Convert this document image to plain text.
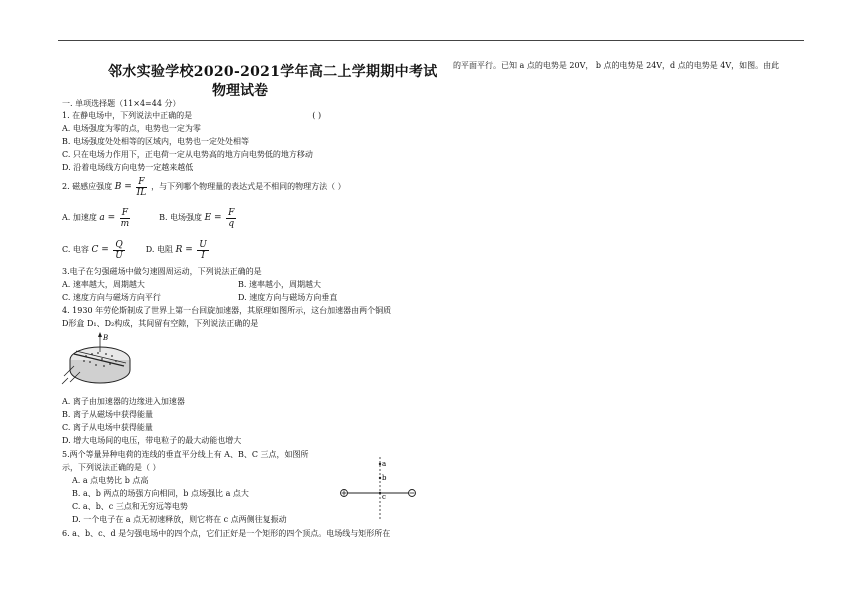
邻水实验学校2020-2021学年高二上学期期中考试
物理试卷
的平面平行。已知 a 点的电势是 20V， b 点的电势是 24V，d 点的电势是 4V，如图。由此
一. 单项选择题（11×4=44 分）
1. 在静电场中，下列说法中正确的是	( )
A. 电场强度为零的点，电势也一定为零
B. 电场强度处处相等的区域内，电势也一定处处相等
C. 只在电场力作用下，正电荷一定从电势高的地方向电势低的地方移动
D. 沿着电场线方向电势一定越来越低
2. 磁感应强度 $B = \frac{F}{IL}$ ，与下列哪个物理量的表达式是不相同的物理方法（ ）
A. 加速度 $a = \frac{F}{m}$	B. 电场强度 $E = \frac{F}{q}$
C. 电容 $C = \frac{Q}{U}$	D. 电阻 $R = \frac{U}{I}$
3.电子在匀强磁场中做匀速圆周运动，下列说法正确的是
A. 速率越大，周期越大	B. 速率越小，周期越大
C. 速度方向与磁场方向平行	D. 速度方向与磁场方向垂直
4. 1930 年劳伦斯制成了世界上第一台回旋加速器，其原理如图所示，这台加速器由两个铜质
D形盒 D₁、D₂构成，其间留有空隙，下列说法正确的是
B
A. 离子由加速器的边缘进入加速器
B. 离子从磁场中获得能量
C. 离子从电场中获得能量
D. 增大电场间的电压，带电粒子的最大动能也增大
5.两个等量异种电荷的连线的垂直平分线上有 A、B、C 三点，如图所
示，下列说法正确的是（ ）
A. a 点电势比 b 点高
B. a、b 两点的场强方向相同，b 点场强比 a 点大
C. a、b、c 三点和无穷远等电势
D. 一个电子在 a 点无初速释放，则它将在 c 点两侧往复振动
a
b
c
6. a、b、c、d 是匀强电场中的四个点，它们正好是一个矩形的四个顶点。电场线与矩形所在
